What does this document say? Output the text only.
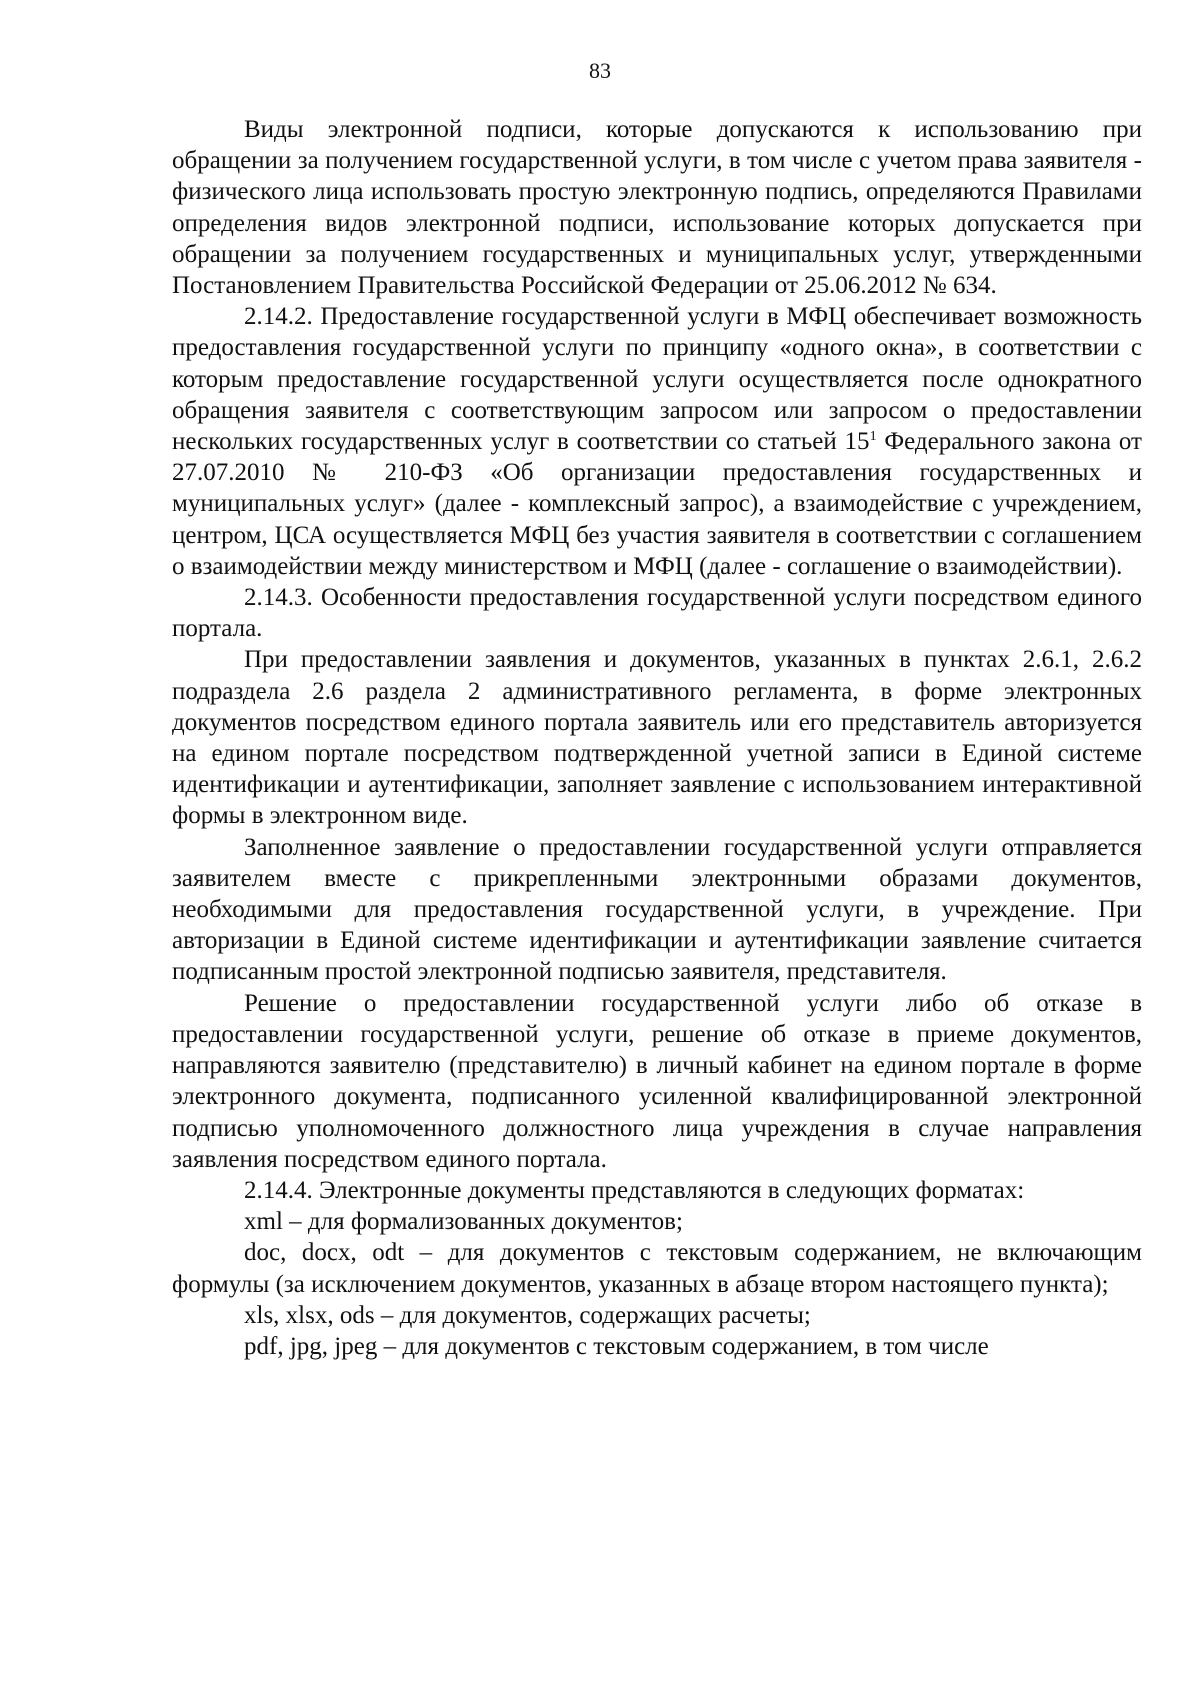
83

Виды электронной подписи, которые допускаются к использованию при обращении за получением государственной услуги, в том числе с учетом права заявителя - физического лица использовать простую электронную подпись, определяются Правилами определения видов электронной подписи, использование которых допускается при обращении за получением государственных и муниципальных услуг, утвержденными Постановлением Правительства Российской Федерации от 25.06.2012 № 634.

2.14.2. Предоставление государственной услуги в МФЦ обеспечивает возможность предоставления государственной услуги по принципу «одного окна», в соответствии с которым предоставление государственной услуги осуществляется после однократного обращения заявителя с соответствующим запросом или запросом о предоставлении нескольких государственных услуг в соответствии со статьей $15^1$ Федерального закона от 27.07.2010 № 210-ФЗ «Об организации предоставления государственных и муниципальных услуг» (далее - комплексный запрос), а взаимодействие с учреждением, центром, ЦСА осуществляется МФЦ без участия заявителя в соответствии с соглашением о взаимодействии между министерством и МФЦ (далее - соглашение о взаимодействии).

2.14.3. Особенности предоставления государственной услуги посредством единого портала.

При предоставлении заявления и документов, указанных в пунктах 2.6.1, 2.6.2 подраздела 2.6 раздела 2 административного регламента, в форме электронных документов посредством единого портала заявитель или его представитель авторизуется на едином портале посредством подтвержденной учетной записи в Единой системе идентификации и аутентификации, заполняет заявление с использованием интерактивной формы в электронном виде.

Заполненное заявление о предоставлении государственной услуги отправляется заявителем вместе с прикрепленными электронными образами документов, необходимыми для предоставления государственной услуги, в учреждение. При авторизации в Единой системе идентификации и аутентификации заявление считается подписанным простой электронной подписью заявителя, представителя.

Решение о предоставлении государственной услуги либо об отказе в предоставлении государственной услуги, решение об отказе в приеме документов, направляются заявителю (представителю) в личный кабинет на едином портале в форме электронного документа, подписанного усиленной квалифицированной электронной подписью уполномоченного должностного лица учреждения в случае направления заявления посредством единого портала.

2.14.4. Электронные документы представляются в следующих форматах:

xml – для формализованных документов;

doc, docx, odt – для документов с текстовым содержанием, не включающим формулы (за исключением документов, указанных в абзаце втором настоящего пункта);

xls, xlsx, ods – для документов, содержащих расчеты;

pdf, jpg, jpeg – для документов с текстовым содержанием, в том числе
